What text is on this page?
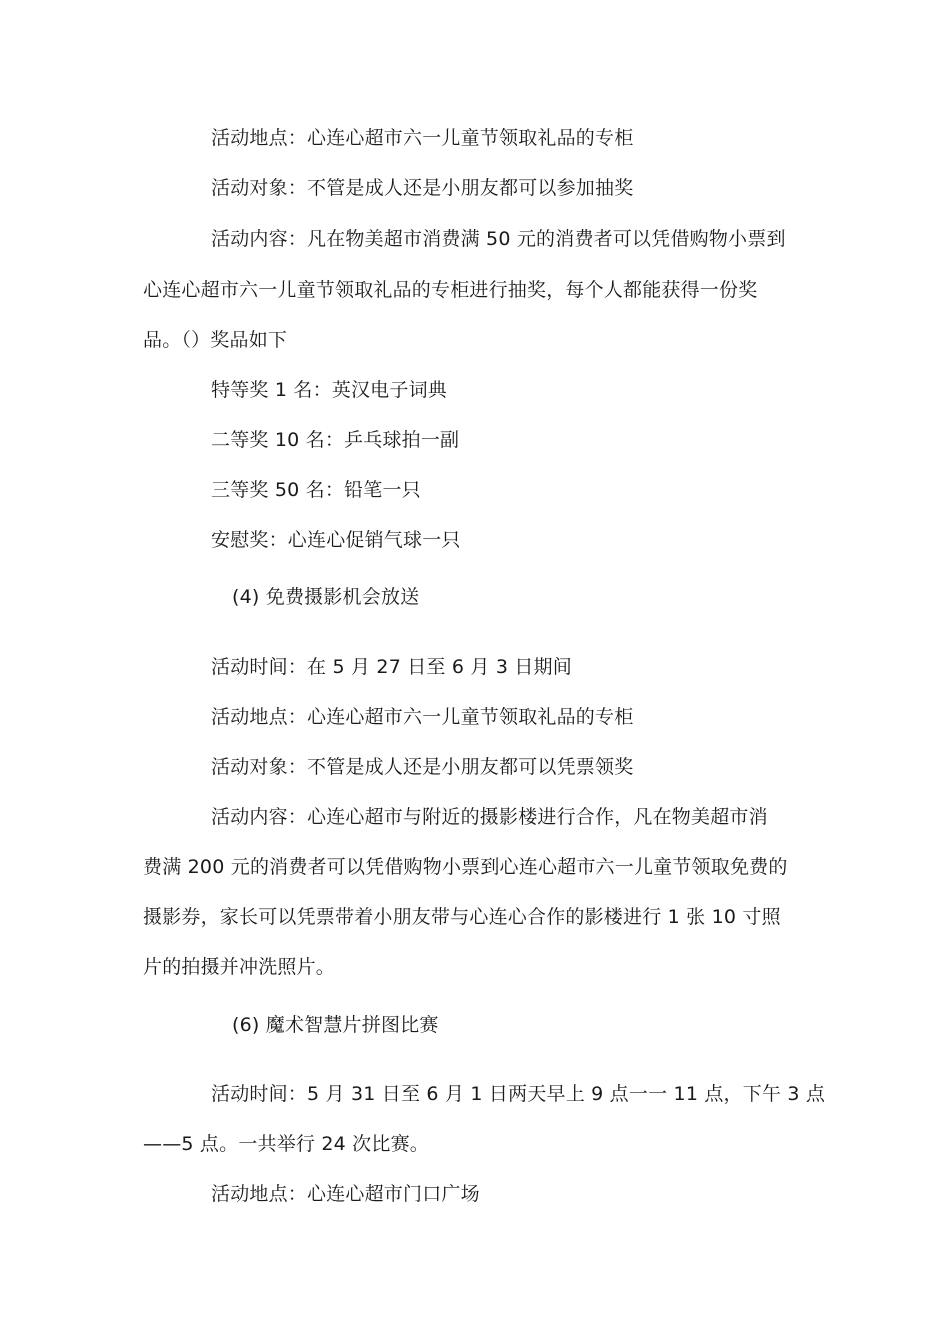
活动地点：心连心超市六一儿童节领取礼品的专柜
活动对象：不管是成人还是小朋友都可以参加抽奖
活动内容：凡在物美超市消费满 50 元的消费者可以凭借购物小票到
心连心超市六一儿童节领取礼品的专柜进行抽奖，每个人都能获得一份奖
品。（）奖品如下
特等奖 1 名：英汉电子词典
二等奖 10 名：乒乓球拍一副
三等奖 50 名：铅笔一只
安慰奖：心连心促销气球一只
(4) 免费摄影机会放送
活动时间：在 5 月 27 日至 6 月 3 日期间
活动地点：心连心超市六一儿童节领取礼品的专柜
活动对象：不管是成人还是小朋友都可以凭票领奖
活动内容：心连心超市与附近的摄影楼进行合作，凡在物美超市消
费满 200 元的消费者可以凭借购物小票到心连心超市六一儿童节领取免费的
摄影券，家长可以凭票带着小朋友带与心连心合作的影楼进行 1 张 10 寸照
片的拍摄并冲洗照片。
(6) 魔术智慧片拼图比赛
活动时间：5 月 31 日至 6 月 1 日两天早上 9 点一一 11 点，下午 3 点
——5 点。一共举行 24 次比赛。
活动地点：心连心超市门口广场
